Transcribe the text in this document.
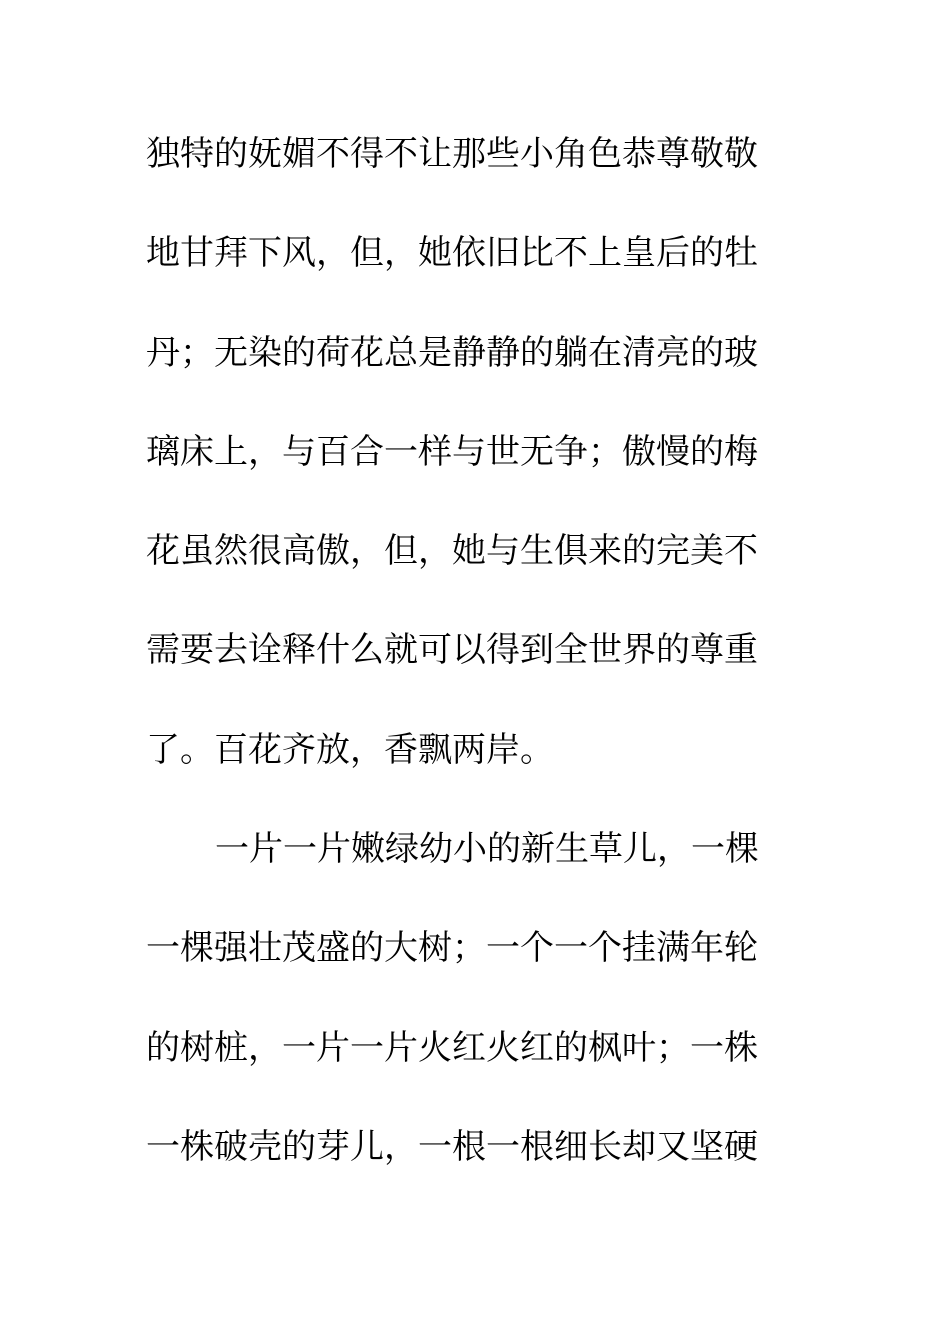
独特的妩媚不得不让那些小角色恭尊敬敬
地甘拜下风，但，她依旧比不上皇后的牡
丹；无染的荷花总是静静的躺在清亮的玻
璃床上，与百合一样与世无争；傲慢的梅
花虽然很高傲，但，她与生俱来的完美不
需要去诠释什么就可以得到全世界的尊重
了。百花齐放，香飘两岸。
一片一片嫩绿幼小的新生草儿，一棵
一棵强壮茂盛的大树；一个一个挂满年轮
的树桩，一片一片火红火红的枫叶；一株
一株破壳的芽儿，一根一根细长却又坚硬
